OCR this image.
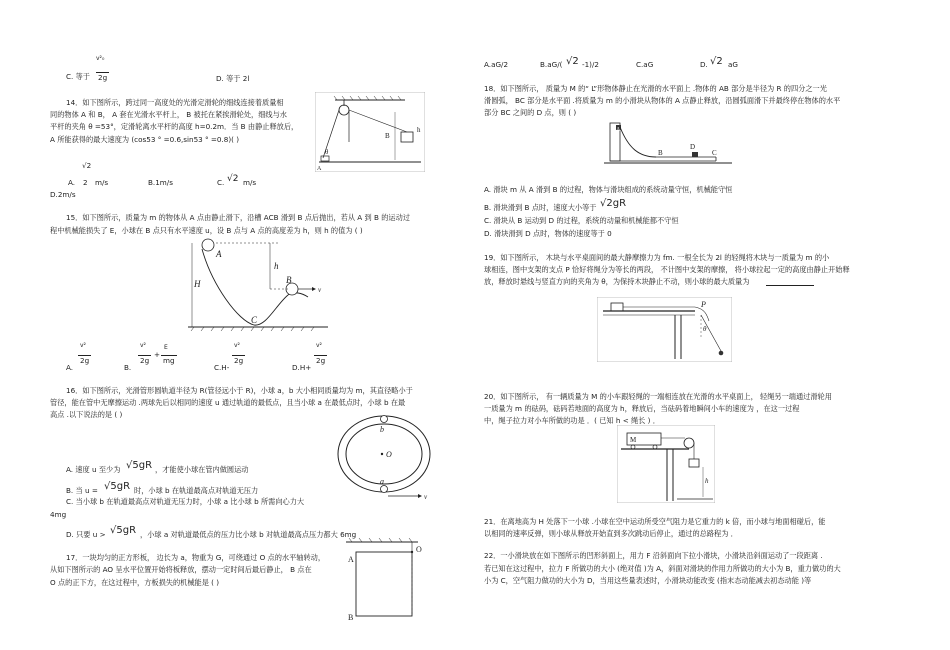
v²₀
C. 等于 2g	D. 等于 2l
14．如下图所示，跨过同一高度处的光滑定滑轮的细线连接着质量相
同的物体 A 和 B， A 套在光滑水平杆上， B 被托在紧挨滑轮处，细线与水
平杆的夹角 θ =53°，定滑轮离水平杆的高度 h=0.2m．当 B 由静止释放后，
A 所能获得的最大速度为 (cos53 ° =0.6,sin53 ° =0.8)( )
√2
A. 2 m/s	B.1m/s	C. √2 m/s
D.2m/s
B
h
θ
A
15．如下图所示，质量为 m 的物体从 A 点由静止滑下，沿槽 ACB 滑到 B 点后抛出，若从 A 到 B 的运动过
程中机械能损失了 E，小球在 B 点只有水平速度 u，设 B 点与 A 点的高度差为 h，则 h 的值为 ( )
A
H
h
C
B
v
v²
A.
2g
B.
v²
2g
+
E
mg
C.H-
v²
2g
D.H+
v²
2g
16．如下图所示，光滑管形圆轨道半径为 R(管径远小于 R)，小球 a，b 大小相同质量均为 m，其直径略小于
管径，能在管中无摩擦运动 .两球先后以相同的速度 u 通过轨道的最低点，且当小球 a 在最低点时，小球 b 在最
高点 .以下说法的是 ( )
b
O
a
v
A. 速度 u 至少为 √5gR ，才能使小球在管内做圆运动
B. 当 u = √5gR 时，小球 b 在轨道最高点对轨道无压力
C. 当小球 b 在轨道最高点对轨道无压力时，小球 a 比小球 b 所需向心力大
4mg
D. 只要 u > √5gR ，小球 a 对轨道最低点的压力比小球 b 对轨道最高点压力都大 6mg
17．一块均匀的正方形板， 边长为 a，物重为 G，可绕通过 O 点的水平轴转动，
从如下图所示的 AO 呈水平位置开始将板释放，摆动一定时间后最后静止， B 点在
O 点的正下方，在这过程中，方板损失的机械能是 ( )
A
O
B
A.aG/2	B.aG/( √2 -1)/2	C.aG	D. √2 aG
18．如下图所示， 质量为 M 的“ L”形物体静止在光滑的水平面上 .物体的 AB 部分是半径为 R 的四分之一光
滑圆弧， BC 部分是水平面 .将质量为 m 的小滑块从物体的 A 点静止释放，沿圆弧面滑下并最终停在物体的水平
部分 BC 之间的 D 点，则 ( )
A
B
D
C
A. 滑块 m 从 A 滑到 B 的过程，物体与滑块组成的系统动量守恒，机械能守恒
B. 滑块滑到 B 点时，速度大小等于 √2gR
C. 滑块从 B 运动到 D 的过程，系统的动量和机械能都不守恒
D. 滑块滑到 D 点时，物体的速度等于 0
19．如下图所示， 木块与水平桌面间的最大静摩擦力为 fm. 一根全长为 2l 的轻绳将木块与一质量为 m 的小
球相连，图中支架的支点 P 恰好将绳分为等长的两段， 不计图中支架的摩擦， 将小球拉起一定的高度由静止开始释
放，释放时悬线与竖直方向的夹角为 θ，为保持木块静止不动，则小球的最大质量为
P
θ
20．如下图所示， 有一辆质量为 M 的小车跟轻绳的一端相连放在光滑的水平桌面上， 轻绳另一端通过滑轮用
一质量为 m 的砝码，砝码若地面的高度为 h，释放后，当砝码着地瞬间小车的速度为 ，在这一过程
中，绳子拉力对小车所做的功是 ．( 已知 h < 绳长 ) ．
M
h
21．在离地高为 H 处落下一小球 .小球在空中运动所受空气阻力是它重力的 k 倍，而小球与地面相碰后，能
以相同的速率反弹，则小球从释放开始直到多次跳动后停止，通过的总路程为 ．
22．一小滑块放在如下图所示的凹形斜面上，用力 F 沿斜面向下拉小滑块，小滑块沿斜面运动了一段距离 .
若已知在这过程中，拉力 F 所做功的大小 (绝对值 )为 A，斜面对滑块的作用力所做功的大小为 B，重力做功的大
小为 C，空气阻力做功的大小为 D，当用这些量表述时，小滑块动能改变 (指末态动能减去初态动能 )等
